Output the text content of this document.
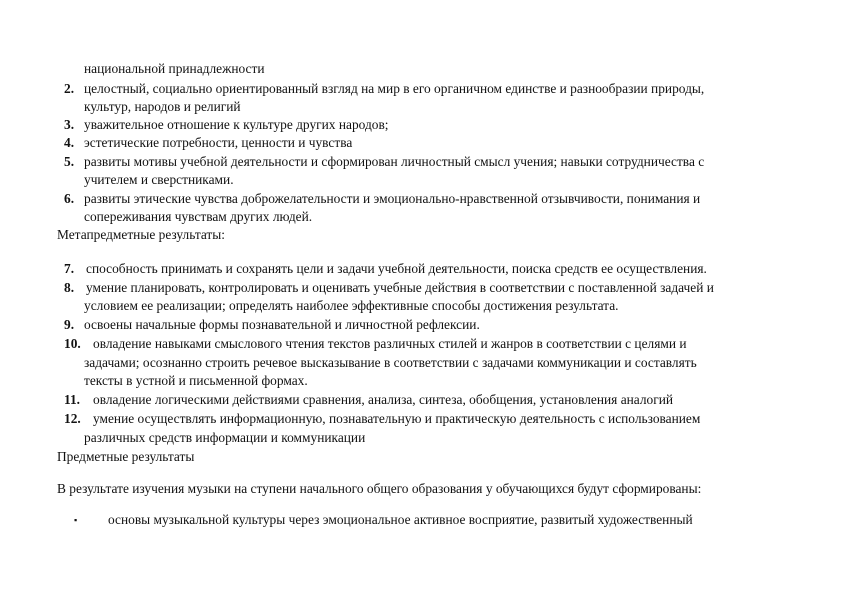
национальной принадлежности
2. целостный, социально ориентированный взгляд на мир в его органичном единстве и разнообразии природы,
культур, народов и религий
3. уважительное отношение к культуре других народов;
4. эстетические потребности, ценности и чувства
5. развиты мотивы учебной деятельности и сформирован личностный смысл учения; навыки сотрудничества с
учителем и сверстниками.
6. развиты этические чувства доброжелательности и эмоционально-нравственной отзывчивости, понимания и
сопереживания чувствам других людей.
Метапредметные результаты:
7. способность принимать и сохранять цели и задачи учебной деятельности, поиска средств ее осуществления.
8. умение планировать, контролировать и оценивать учебные действия в соответствии с поставленной задачей и
условием ее реализации; определять наиболее эффективные способы достижения результата.
9. освоены начальные формы познавательной и личностной рефлексии.
10. овладение навыками смыслового чтения текстов различных стилей и жанров в соответствии с целями и
задачами; осознанно строить речевое высказывание в соответствии с задачами коммуникации и составлять
тексты в устной и письменной формах.
11. овладение логическими действиями сравнения, анализа, синтеза, обобщения, установления аналогий
12. умение осуществлять информационную, познавательную и практическую деятельность с использованием
различных средств информации и коммуникации
Предметные результаты
В результате изучения музыки на ступени начального общего образования у обучающихся будут сформированы:
▪ основы музыкальной культуры через эмоциональное активное восприятие, развитый художественный
